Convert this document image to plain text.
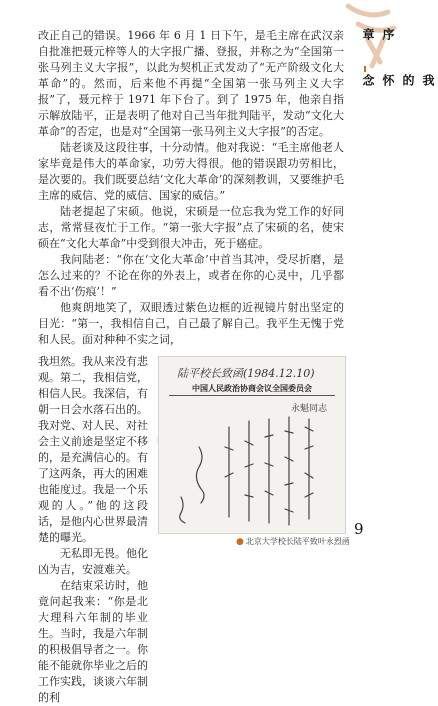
序章
我的怀念

改正自己的错误。1966 年 6 月 1 日下午，是毛主席在武汉亲自批准把聂元梓等人的大字报广播、登报，并称之为“全国第一张马列主义大字报”，以此为契机正式发动了“无产阶级文化大革命”的。然而，后来他不再提“全国第一张马列主义大字报”了，聂元梓于 1971 年下台了。到了 1975 年，他亲自指示解放陆平，正是表明了他对自己当年批判陆平，发动“文化大革命”的否定，也是对“全国第一张马列主义大字报”的否定。

陆老谈及这段往事，十分动情。他对我说：“毛主席他老人家毕竟是伟大的革命家，功劳大得很。他的错误跟功劳相比，是次要的。我们既要总结‘文化大革命’的深刻教训，又要维护毛主席的威信、党的威信、国家的威信。”

陆老提起了宋硕。他说，宋硕是一位忘我为党工作的好同志，常常昼夜忙于工作。“第一张大字报”点了宋硕的名，使宋硕在“文化大革命”中受到很大冲击，死于癌症。

我问陆老：“你在‘文化大革命’中首当其冲，受尽折磨，是怎么过来的？不论在你的外表上，或者在你的心灵中，几乎都看不出‘伤痕’！”

他爽朗地笑了，双眼透过紫色边框的近视镜片射出坚定的目光：“第一，我相信自己，自己最了解自己。我平生无愧于党和人民。面对种种不实之词，

我坦然。我从来没有悲观。第二，我相信党，相信人民。我深信，有朝一日会水落石出的。我对党、对人民、对社会主义前途是坚定不移的，是充满信心的。有了这两条，再大的困难也能度过。我是一个乐观的人。”他的这段话，是他内心世界最清楚的曝光。

无私即无畏。他化凶为吉，安渡难关。

在结束采访时，他竟问起我来：“你是北大理科六年制的毕业生。当时，我是六年制的积极倡导者之一。你能不能就你毕业之后的工作实践，谈谈六年制的利

陆平校长致函(1984.12.10)
中国人民政治协商会议全国委员会
永魁同志
● 北京大学校长陆平致叶永烈函
9
